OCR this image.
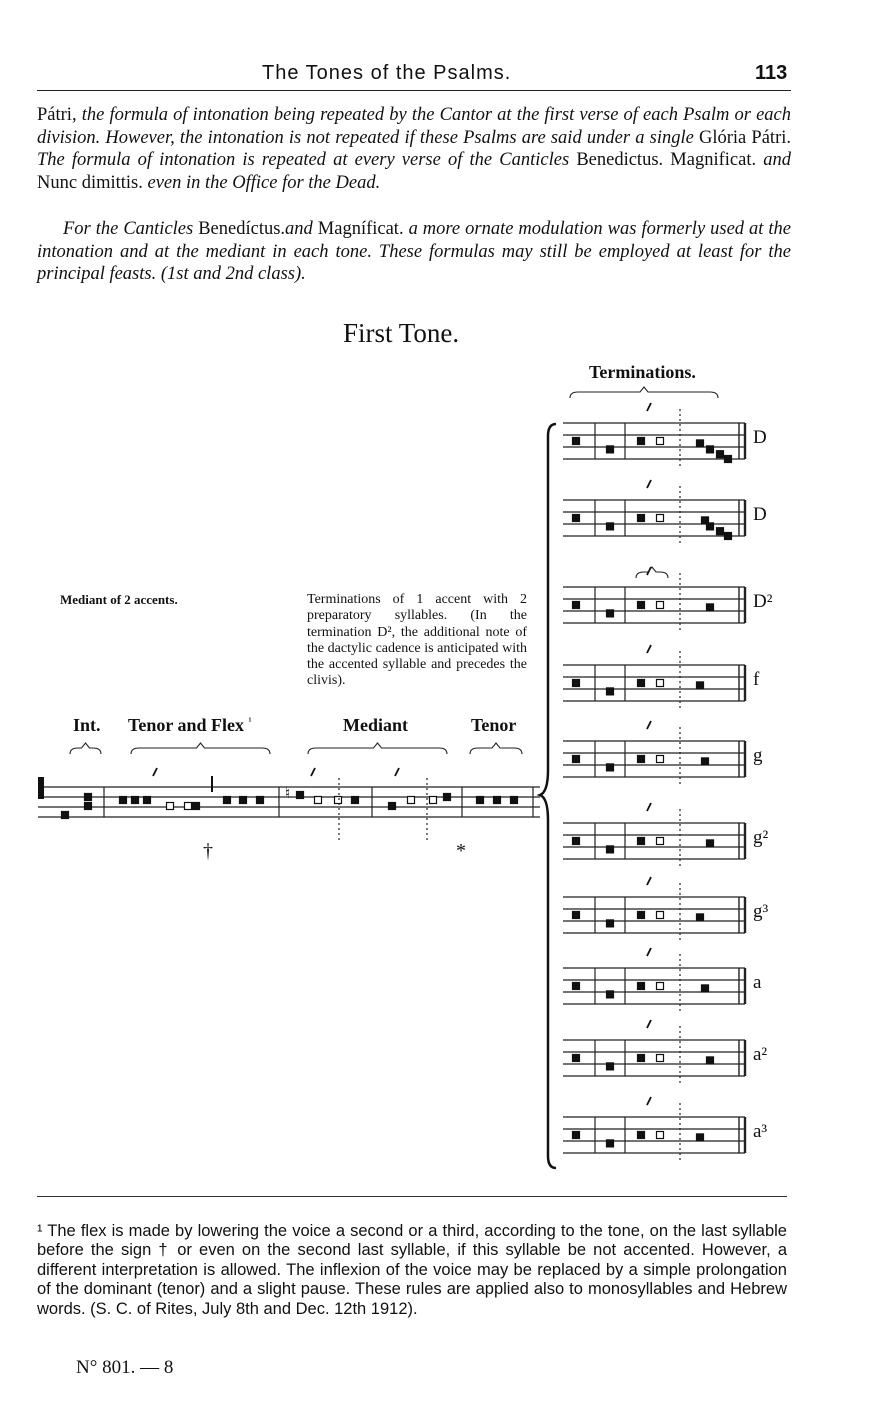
The Tones of the Psalms.	113
Pátri, the formula of intonation being repeated by the Cantor at the first verse of each Psalm or each division. However, the intonation is not repeated if these Psalms are said under a single Glória Pátri. The formula of intonation is repeated at every verse of the Canticles Benedictus. Magnificat. and Nunc dimittis. even in the Office for the Dead.
For the Canticles Benedíctus.and Magníficat. a more ornate modulation was formerly used at the intonation and at the mediant in each tone. These formulas may still be employed at least for the principal feasts. (1st and 2nd class).
First Tone.
Terminations.
Mediant of 2 accents.	Terminations of 1 accent with 2 preparatory syllables. (In the termination D², the additional note of the dactylic cadence is anticipated with the accented syllable and precedes the clivis).
Int. Tenor and Flex $^{^1}$	Mediant	Tenor
†	*
D
D
D²
f
g
g²
g³
a
a²
a³
♮
¹ The flex is made by lowering the voice a second or a third, according to the tone, on the last syllable before the sign † or even on the second last syllable, if this syllable be not accented. However, a different interpretation is allowed. The inflexion of the voice may be replaced by a simple prolongation of the dominant (tenor) and a slight pause. These rules are applied also to monosyllables and Hebrew words. (S. C. of Rites, July 8th and Dec. 12th 1912).
N° 801. — 8
